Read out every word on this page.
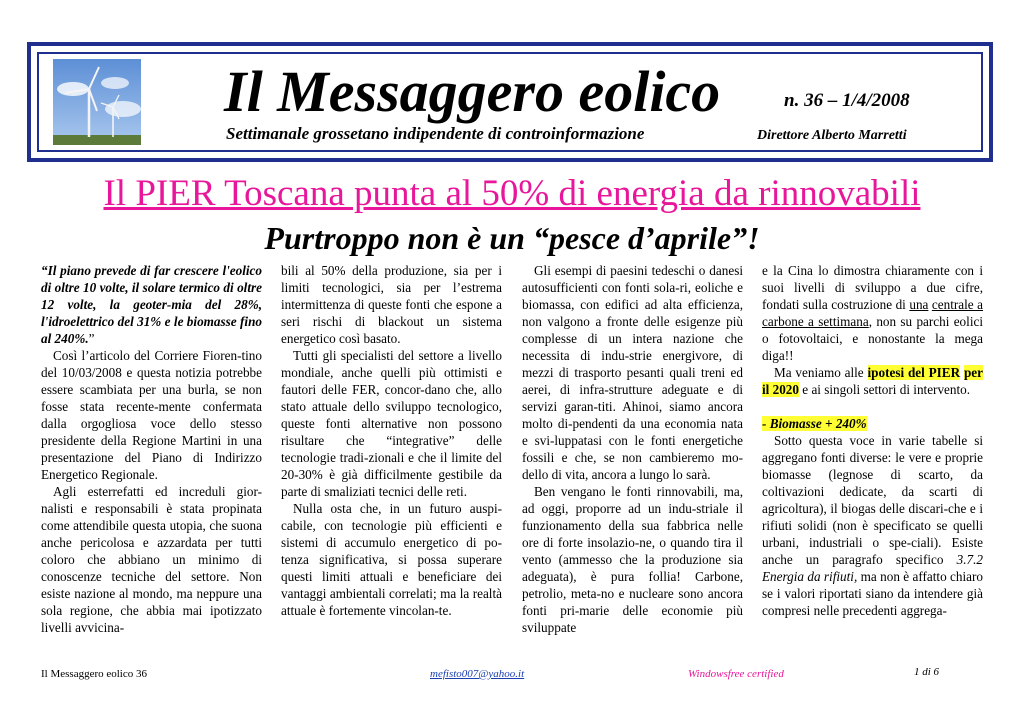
Il Messaggero eolico	n. 36 – 1/4/2008
Settimanale grossetano indipendente di controinformazione	Direttore Alberto Marretti
Il PIER Toscana punta al 50% di energia da rinnovabili
Purtroppo non è un “pesce d’aprile”!

“Il piano prevede di far crescere l'eolico di oltre 10 volte, il solare termico di oltre 12 volte, la geoter-mia del 28%, l'idroelettrico del 31% e le biomasse fino al 240%.”

Così l’articolo del Corriere Fioren-tino del 10/03/2008 e questa notizia potrebbe essere scambiata per una burla, se non fosse stata recente-mente confermata dalla orgogliosa voce dello stesso presidente della Regione Martini in una presentazione del Piano di Indirizzo Energetico Regionale.

Agli esterrefatti ed increduli gior-nalisti e responsabili è stata propinata come attendibile questa utopia, che suona anche pericolosa e azzardata per tutti coloro che abbiano un minimo di conoscenze tecniche del settore. Non esiste nazione al mondo, ma neppure una sola regione, che abbia mai ipotizzato livelli avvicina-

bili al 50% della produzione, sia per i limiti tecnologici, sia per l’estrema intermittenza di queste fonti che espone a seri rischi di blackout un sistema energetico così basato.

Tutti gli specialisti del settore a livello mondiale, anche quelli più ottimisti e fautori delle FER, concor-dano che, allo stato attuale dello sviluppo tecnologico, queste fonti alternative non possono risultare che “integrative” delle tecnologie tradi-zionali e che il limite del 20-30% è già difficilmente gestibile da parte di smaliziati tecnici delle reti.

Nulla osta che, in un futuro auspi-cabile, con tecnologie più efficienti e sistemi di accumulo energetico di po-tenza significativa, si possa superare questi limiti attuali e beneficiare dei vantaggi ambientali correlati; ma la realtà attuale è fortemente vincolan-te.

Gli esempi di paesini tedeschi o danesi autosufficienti con fonti sola-ri, eoliche e biomassa, con edifici ad alta efficienza, non valgono a fronte delle esigenze più complesse di un intera nazione che necessita di indu-strie energivore, di mezzi di trasporto pesanti quali treni ed aerei, di infra-strutture adeguate e di servizi garan-titi. Ahinoi, siamo ancora molto di-pendenti da una economia nata e svi-luppatasi con le fonti energetiche fossili e che, se non cambieremo mo-dello di vita, ancora a lungo lo sarà.

Ben vengano le fonti rinnovabili, ma, ad oggi, proporre ad un indu-striale il funzionamento della sua fabbrica nelle ore di forte insolazio-ne, o quando tira il vento (ammesso che la produzione sia adeguata), è pura follia! Carbone, petrolio, meta-no e nucleare sono ancora fonti pri-marie delle economie più sviluppate

e la Cina lo dimostra chiaramente con i suoi livelli di sviluppo a due cifre, fondati sulla costruzione di una centrale a carbone a settimana, non su parchi eolici o fotovoltaici, e nonostante la mega diga!!

Ma veniamo alle ipotesi del PIER per il 2020 e ai singoli settori di intervento.

- Biomasse + 240%

Sotto questa voce in varie tabelle si aggregano fonti diverse: le vere e proprie biomasse (legnose di scarto, da coltivazioni dedicate, da scarti di agricoltura), il biogas delle discari-che e i rifiuti solidi (non è specificato se quelli urbani, industriali o spe-ciali). Esiste anche un paragrafo specifico 3.7.2 Energia da rifiuti, ma non è affatto chiaro se i valori riportati siano da intendere già compresi nelle precedenti aggrega-

Il Messaggero eolico 36	mefisto007@yahoo.it	Windowsfree certified	1 di 6
